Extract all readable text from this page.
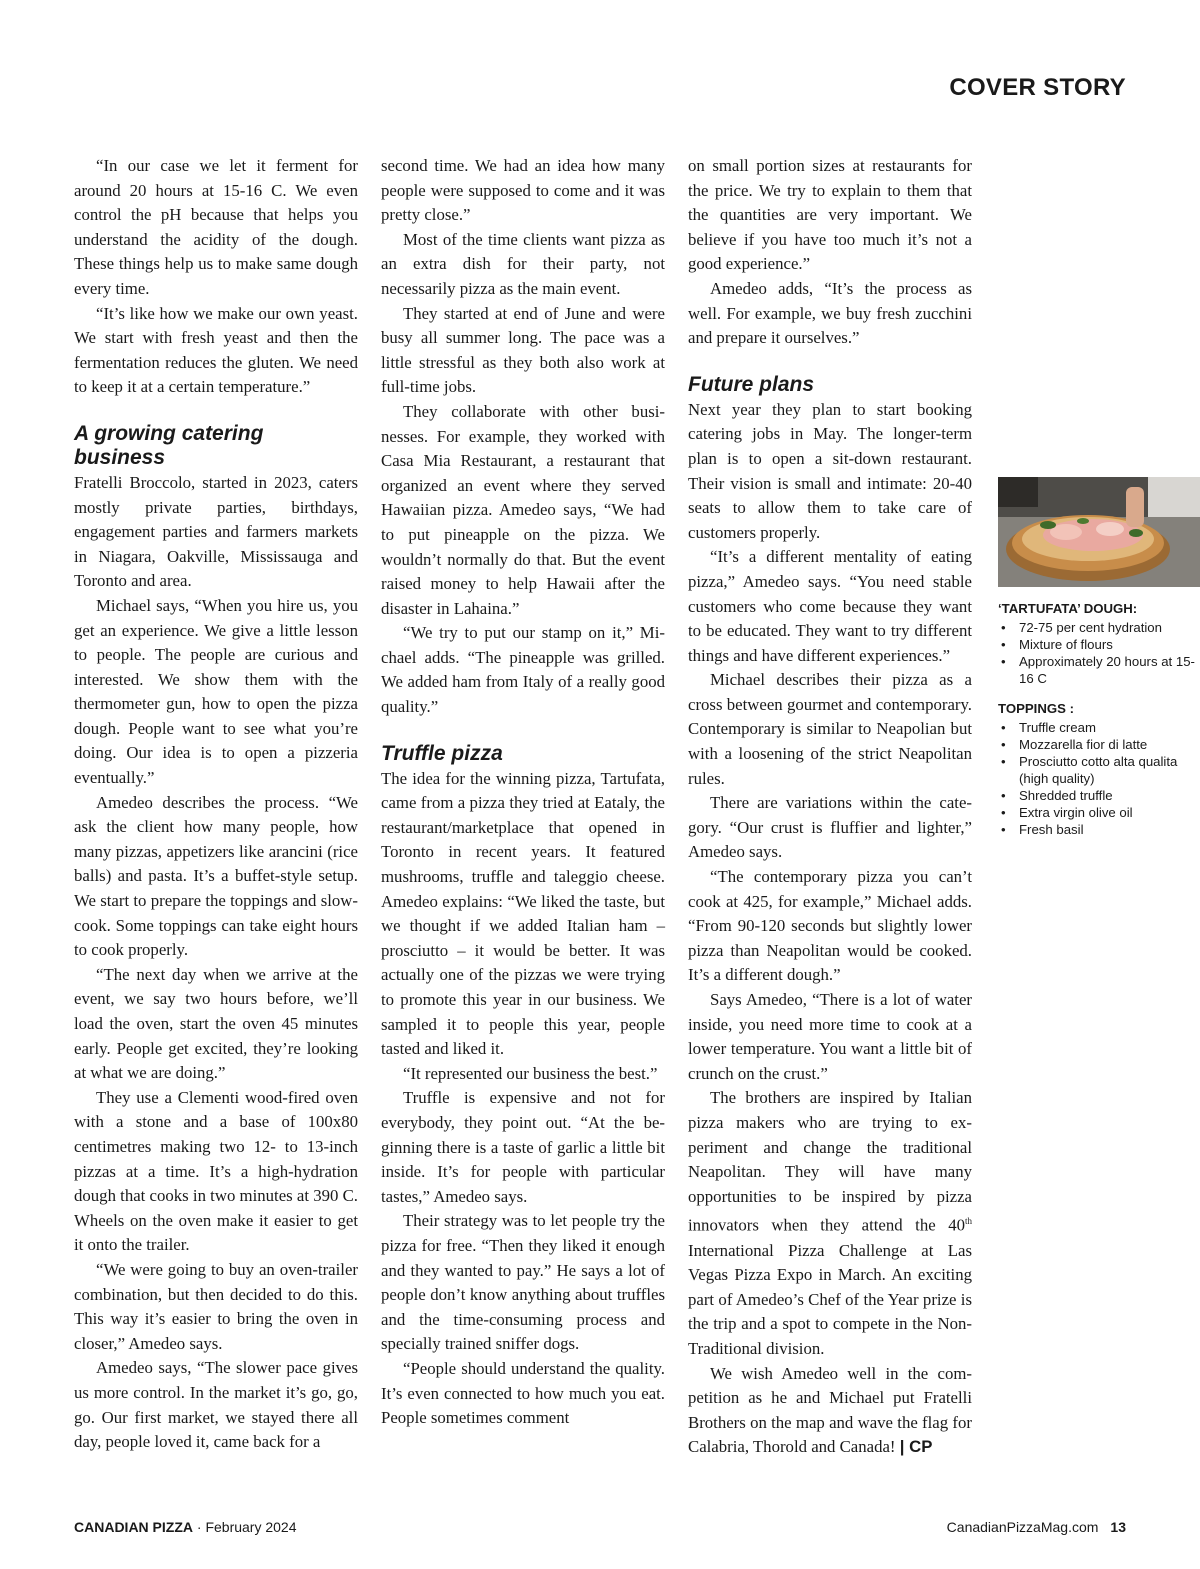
COVER STORY

“In our case we let it ferment for around 20 hours at 15-16 C. We even control the pH because that helps you understand the acidity of the dough. These things help us to make same dough every time.

“It’s like how we make our own yeast. We start with fresh yeast and then the fermentation reduces the gluten. We need to keep it at a certain temperature.”

A growing catering business

Fratelli Broccolo, started in 2023, caters mostly private parties, birthdays, engagement parties and farmers markets in Niagara, Oakville, Mississauga and Toronto and area.

Michael says, “When you hire us, you get an experience. We give a little lesson to people. The people are curious and interested. We show them with the thermometer gun, how to open the pizza dough. People want to see what you’re doing. Our idea is to open a pizzeria eventually.”

Amedeo describes the process. “We ask the client how many people, how many pizzas, appetizers like arancini (rice balls) and pasta. It’s a buffet-style setup. We start to prepare the toppings and slow-cook. Some toppings can take eight hours to cook properly.

“The next day when we arrive at the event, we say two hours before, we’ll load the oven, start the oven 45 minutes early. People get excited, they’re looking at what we are doing.”

They use a Clementi wood-fired oven with a stone and a base of 100x80 centimetres making two 12- to 13-inch pizzas at a time. It’s a high-hydration dough that cooks in two minutes at 390 C. Wheels on the oven make it easier to get it onto the trailer.

“We were going to buy an oven-trailer combination, but then decided to do this. This way it’s easier to bring the oven in closer,” Amedeo says.

Amedeo says, “The slower pace gives us more control. In the market it’s go, go, go. Our first market, we stayed there all day, people loved it, came back for a

second time. We had an idea how many people were supposed to come and it was pretty close.”

Most of the time clients want pizza as an extra dish for their party, not necessarily pizza as the main event.

They started at end of June and were busy all summer long. The pace was a little stressful as they both also work at full-time jobs.

They collaborate with other businesses. For example, they worked with Casa Mia Restaurant, a restaurant that organized an event where they served Hawaiian pizza. Amedeo says, “We had to put pineapple on the pizza. We wouldn’t normally do that. But the event raised money to help Hawaii after the disaster in Lahaina.”

“We try to put our stamp on it,” Michael adds. “The pineapple was grilled. We added ham from Italy of a really good quality.”

Truffle pizza

The idea for the winning pizza, Tartufata, came from a pizza they tried at Eataly, the restaurant/marketplace that opened in Toronto in recent years. It featured mushrooms, truffle and taleggio cheese. Amedeo explains: “We liked the taste, but we thought if we added Italian ham – prosciutto – it would be better. It was actually one of the pizzas we were trying to promote this year in our business. We sampled it to people this year, people tasted and liked it.

“It represented our business the best.”

Truffle is expensive and not for everybody, they point out. “At the beginning there is a taste of garlic a little bit inside. It’s for people with particular tastes,” Amedeo says.

Their strategy was to let people try the pizza for free. “Then they liked it enough and they wanted to pay.” He says a lot of people don’t know anything about truffles and the time-consuming process and specially trained sniffer dogs.

“People should understand the quality. It’s even connected to how much you eat. People sometimes comment

on small portion sizes at restaurants for the price. We try to explain to them that the quantities are very important. We believe if you have too much it’s not a good experience.”

Amedeo adds, “It’s the process as well. For example, we buy fresh zucchini and prepare it ourselves.”

Future plans

Next year they plan to start booking catering jobs in May. The longer-term plan is to open a sit-down restaurant. Their vision is small and intimate: 20-40 seats to allow them to take care of customers properly.

“It’s a different mentality of eating pizza,” Amedeo says. “You need stable customers who come because they want to be educated. They want to try different things and have different experiences.”

Michael describes their pizza as a cross between gourmet and contemporary. Contemporary is similar to Neapolian but with a loosening of the strict Neapolitan rules.

There are variations within the category. “Our crust is fluffier and lighter,” Amedeo says.

“The contemporary pizza you can’t cook at 425, for example,” Michael adds. “From 90-120 seconds but slightly lower pizza than Neapolitan would be cooked. It’s a different dough.”

Says Amedeo, “There is a lot of water inside, you need more time to cook at a lower temperature. You want a little bit of crunch on the crust.”

The brothers are inspired by Italian pizza makers who are trying to experiment and change the traditional Neapolitan. They will have many opportunities to be inspired by pizza innovators when they attend the 40th International Pizza Challenge at Las Vegas Pizza Expo in March. An exciting part of Amedeo’s Chef of the Year prize is the trip and a spot to compete in the Non-Traditional division.

We wish Amedeo well in the competition as he and Michael put Fratelli Brothers on the map and wave the flag for Calabria, Thorold and Canada! | CP

‘TARTUFATA’ DOUGH:
• 72-75 per cent hydration
• Mixture of flours
• Approximately 20 hours at 15-16 C
TOPPINGS :
• Truffle cream
• Mozzarella fior di latte
• Prosciutto cotto alta qualita (high quality)
• Shredded truffle
• Extra virgin olive oil
• Fresh basil
CANADIAN PIZZA · February 2024	CanadianPizzaMag.com 13
